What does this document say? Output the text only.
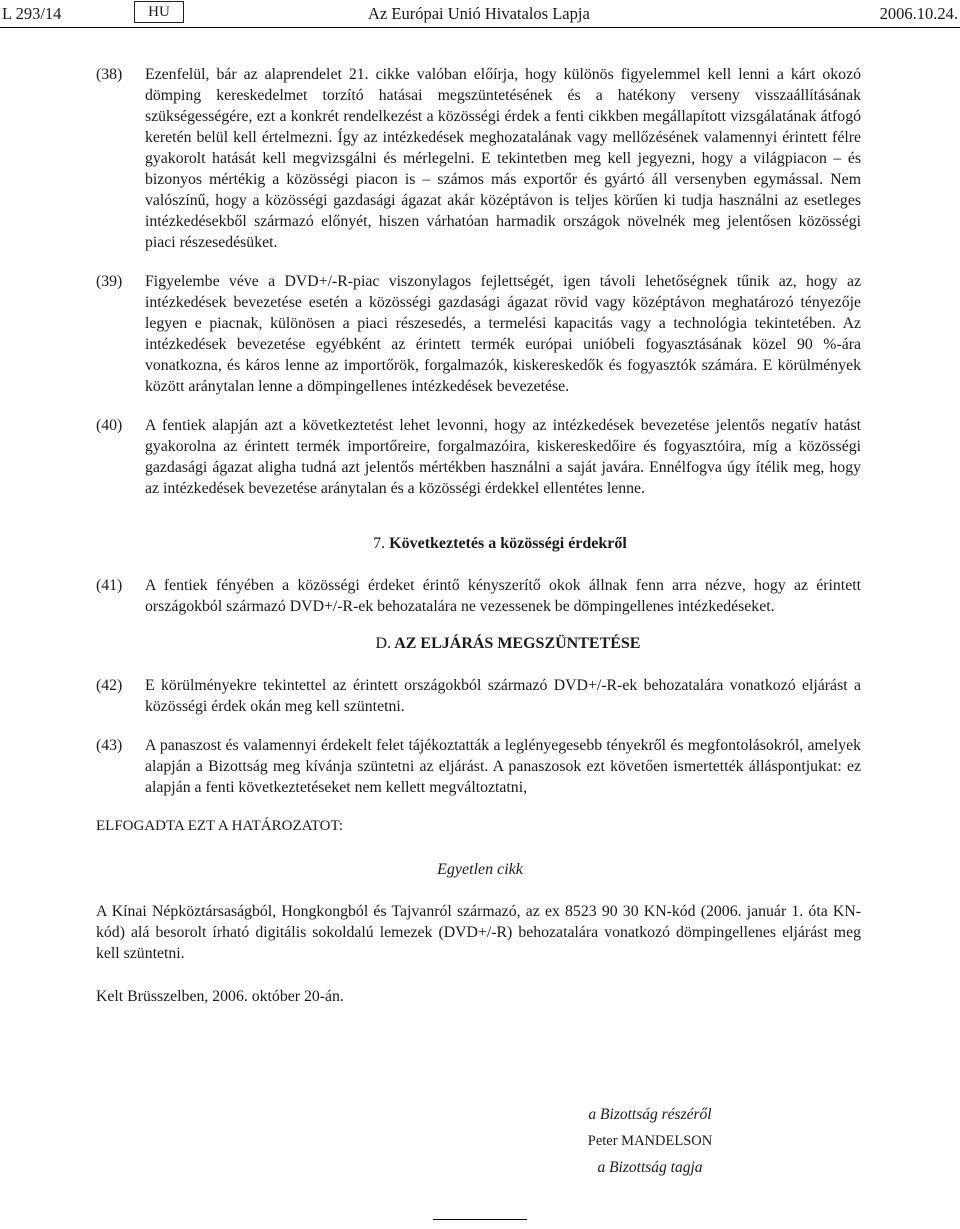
L 293/14	HU	Az Európai Unió Hivatalos Lapja	2006.10.24.
(38) Ezenfelül, bár az alaprendelet 21. cikke valóban előírja, hogy különös figyelemmel kell lenni a kárt okozó dömping kereskedelmet torzító hatásai megszüntetésének és a hatékony verseny visszaállításának szükségességére, ezt a konkrét rendelkezést a közösségi érdek a fenti cikkben megállapított vizsgálatának átfogó keretén belül kell értelmezni. Így az intézkedések meghozatalának vagy mellőzésének valamennyi érintett félre gyakorolt hatását kell megvizsgálni és mérlegelni. E tekintetben meg kell jegyezni, hogy a világpiacon – és bizonyos mértékig a közösségi piacon is – számos más exportőr és gyártó áll versenyben egymással. Nem valószínű, hogy a közösségi gazdasági ágazat akár középtávon is teljes körűen ki tudja használni az esetleges intézkedésekből származó előnyét, hiszen várhatóan harmadik országok növelnék meg jelentősen közösségi piaci részesedésüket.
(39) Figyelembe véve a DVD+/-R-piac viszonylagos fejlettségét, igen távoli lehetőségnek tűnik az, hogy az intézkedések bevezetése esetén a közösségi gazdasági ágazat rövid vagy középtávon meghatározó tényezője legyen e piacnak, különösen a piaci részesedés, a termelési kapacitás vagy a technológia tekintetében. Az intézkedések bevezetése egyébként az érintett termék európai unióbeli fogyasztásának közel 90 %-ára vonatkozna, és káros lenne az importőrök, forgalmazók, kiskereskedők és fogyasztók számára. E körülmények között aránytalan lenne a dömpingellenes intézkedések bevezetése.
(40) A fentiek alapján azt a következtetést lehet levonni, hogy az intézkedések bevezetése jelentős negatív hatást gyakorolna az érintett termék importőreire, forgalmazóira, kiskereskedőire és fogyasztóira, míg a közösségi gazdasági ágazat aligha tudná azt jelentős mértékben használni a saját javára. Ennélfogva úgy ítélik meg, hogy az intézkedések bevezetése aránytalan és a közösségi érdekkel ellentétes lenne.

7. Következtetés a közösségi érdekről

(41) A fentiek fényében a közösségi érdeket érintő kényszerítő okok állnak fenn arra nézve, hogy az érintett országokból származó DVD+/-R-ek behozatalára ne vezessenek be dömpingellenes intézkedéseket.

D. AZ ELJÁRÁS MEGSZÜNTETÉSE

(42) E körülményekre tekintettel az érintett országokból származó DVD+/-R-ek behozatalára vonatkozó eljárást a közösségi érdek okán meg kell szüntetni.
(43) A panaszost és valamennyi érdekelt felet tájékoztatták a leglényegesebb tényekről és megfontolásokról, amelyek alapján a Bizottság meg kívánja szüntetni az eljárást. A panaszosok ezt követően ismertették álláspontjukat: ez alapján a fenti következtetéseket nem kellett megváltoztatni,
ELFOGADTA EZT A HATÁROZATOT:

Egyetlen cikk

A Kínai Népköztársaságból, Hongkongból és Tajvanról származó, az ex 8523 90 30 KN-kód (2006. január 1. óta KN-kód) alá besorolt írható digitális sokoldalú lemezek (DVD+/-R) behozatalára vonatkozó dömpingellenes eljárást meg kell szüntetni.
Kelt Brüsszelben, 2006. október 20-án.
a Bizottság részéről
Peter MANDELSON
a Bizottság tagja
